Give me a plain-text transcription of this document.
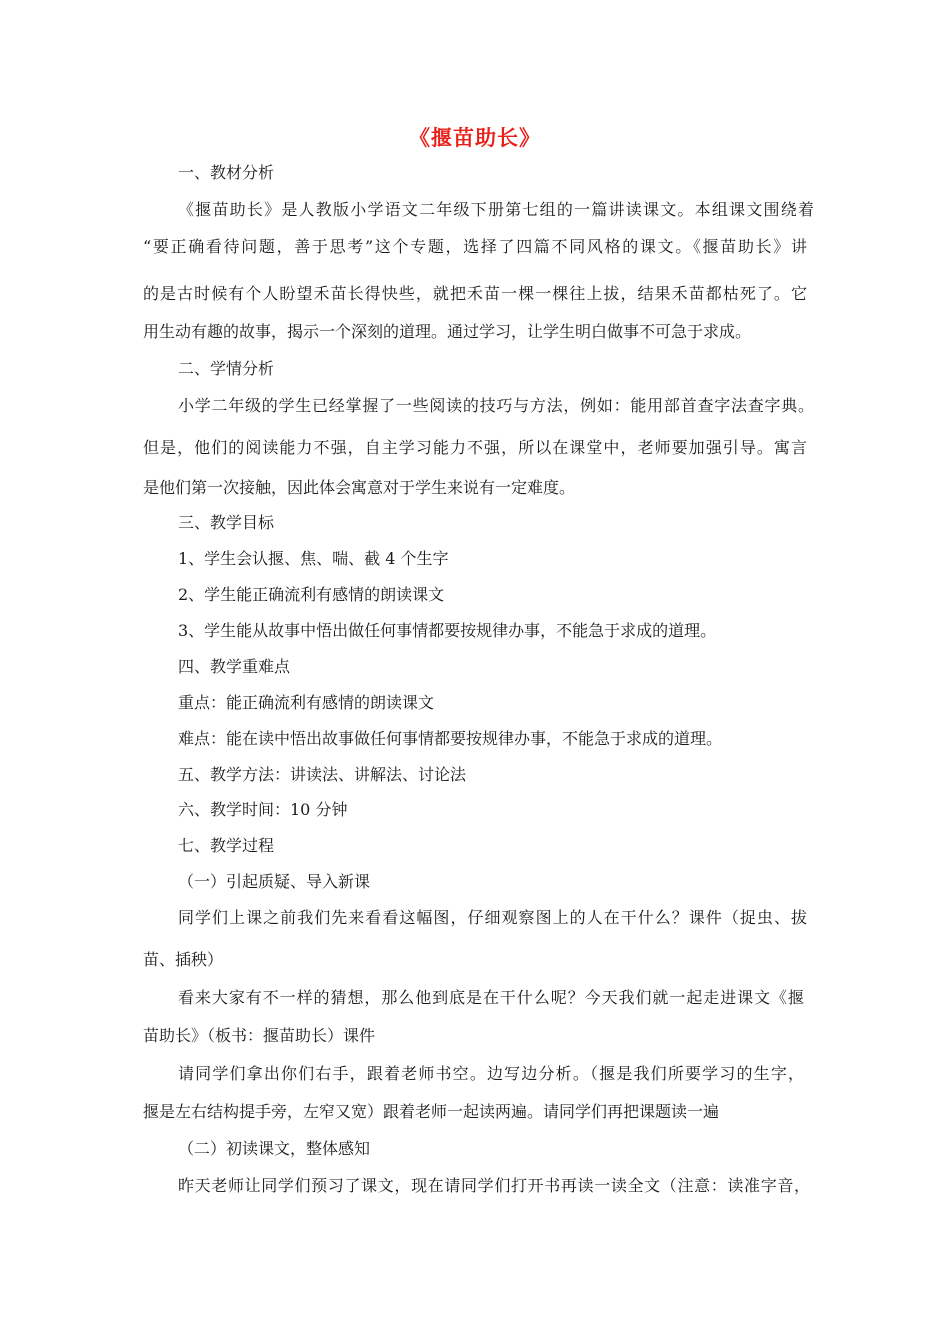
《揠苗助长》
一、教材分析
《揠苗助长》是人教版小学语文二年级下册第七组的一篇讲读课文。本组课文围绕着
“要正确看待问题，善于思考”这个专题，选择了四篇不同风格的课文。《揠苗助长》讲
的是古时候有个人盼望禾苗长得快些，就把禾苗一棵一棵往上拔，结果禾苗都枯死了。它
用生动有趣的故事，揭示一个深刻的道理。通过学习，让学生明白做事不可急于求成。
二、学情分析
小学二年级的学生已经掌握了一些阅读的技巧与方法，例如：能用部首查字法查字典。
但是，他们的阅读能力不强，自主学习能力不强，所以在课堂中，老师要加强引导。寓言
是他们第一次接触，因此体会寓意对于学生来说有一定难度。
三、教学目标
1、学生会认揠、焦、喘、截 4 个生字
2、学生能正确流利有感情的朗读课文
3、学生能从故事中悟出做任何事情都要按规律办事，不能急于求成的道理。
四、教学重难点
重点：能正确流利有感情的朗读课文
难点：能在读中悟出故事做任何事情都要按规律办事，不能急于求成的道理。
五、教学方法：讲读法、讲解法、讨论法
六、教学时间：10 分钟
七、教学过程
（一）引起质疑、导入新课
同学们上课之前我们先来看看这幅图，仔细观察图上的人在干什么？课件（捉虫、拔
苗、插秧）
看来大家有不一样的猜想，那么他到底是在干什么呢？今天我们就一起走进课文《揠
苗助长》（板书：揠苗助长）课件
请同学们拿出你们右手，跟着老师书空。边写边分析。（揠是我们所要学习的生字，
揠是左右结构提手旁，左窄又宽）跟着老师一起读两遍。请同学们再把课题读一遍
（二）初读课文，整体感知
昨天老师让同学们预习了课文，现在请同学们打开书再读一读全文（注意：读准字音，
